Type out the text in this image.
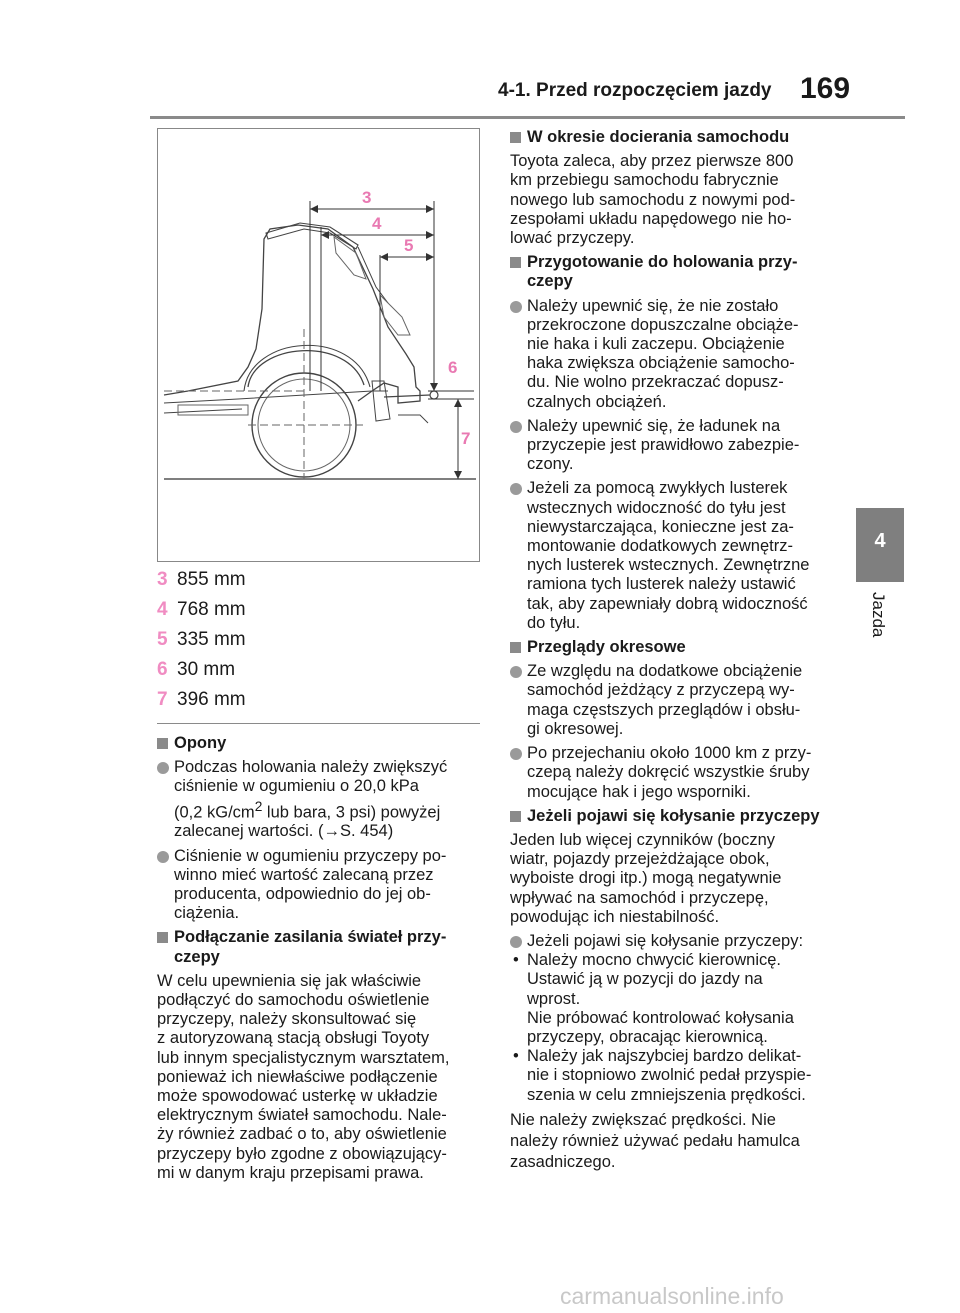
4-1. Przed rozpoczęciem jazdy 169
4
Jazda
3
4
5
6
7
3 855 mm
4 768 mm
5 335 mm
6 30 mm
7 396 mm
Opony
Podczas holowania należy zwiększyć
ciśnienie w ogumieniu o 20,0 kPa
(0,2 $kG/cm^2$ lub bara, 3 psi) powyżej
zalecanej wartości. (→S. 454)
Ciśnienie w ogumieniu przyczepy po-
winno mieć wartość zalecaną przez
producenta, odpowiednio do jej ob-
ciążenia.
Podłączanie zasilania świateł przy-
czepy
W celu upewnienia się jak właściwie
podłączyć do samochodu oświetlenie
przyczepy, należy skonsultować się
z autoryzowaną stacją obsługi Toyoty
lub innym specjalistycznym warsztatem,
ponieważ ich niewłaściwe podłączenie
może spowodować usterkę w układzie
elektrycznym świateł samochodu. Nale-
ży również zadbać o to, aby oświetlenie
przyczepy było zgodne z obowiązujący-
mi w danym kraju przepisami prawa.
W okresie docierania samochodu
Toyota zaleca, aby przez pierwsze 800
km przebiegu samochodu fabrycznie
nowego lub samochodu z nowymi pod-
zespołami układu napędowego nie ho-
lować przyczepy.
Przygotowanie do holowania przy-
czepy
Należy upewnić się, że nie zostało
przekroczone dopuszczalne obciąże-
nie haka i kuli zaczepu. Obciążenie
haka zwiększa obciążenie samocho-
du. Nie wolno przekraczać dopusz-
czalnych obciążeń.
Należy upewnić się, że ładunek na
przyczepie jest prawidłowo zabezpie-
czony.
Jeżeli za pomocą zwykłych lusterek
wstecznych widoczność do tyłu jest
niewystarczająca, konieczne jest za-
montowanie dodatkowych zewnętrz-
nych lusterek wstecznych. Zewnętrzne
ramiona tych lusterek należy ustawić
tak, aby zapewniały dobrą widoczność
do tyłu.
Przeglądy okresowe
Ze względu na dodatkowe obciążenie
samochód jeżdżący z przyczepą wy-
maga częstszych przeglądów i obsłu-
gi okresowej.
Po przejechaniu około 1000 km z przy-
czepą należy dokręcić wszystkie śruby
mocujące hak i jego wsporniki.
Jeżeli pojawi się kołysanie przyczepy
Jeden lub więcej czynników (boczny
wiatr, pojazdy przejeżdżające obok,
wyboiste drogi itp.) mogą negatywnie
wpływać na samochód i przyczepę,
powodując ich niestabilność.
Jeżeli pojawi się kołysanie przyczepy:
• Należy mocno chwycić kierownicę.
Ustawić ją w pozycji do jazdy na
wprost.
Nie próbować kontrolować kołysania
przyczepy, obracając kierownicą.
• Należy jak najszybciej bardzo delikat-
nie i stopniowo zwolnić pedał przyspie-
szenia w celu zmniejszenia prędkości.
Nie należy zwiększać prędkości. Nie
należy również używać pedału hamulca
zasadniczego.
carmanualsonline.info
